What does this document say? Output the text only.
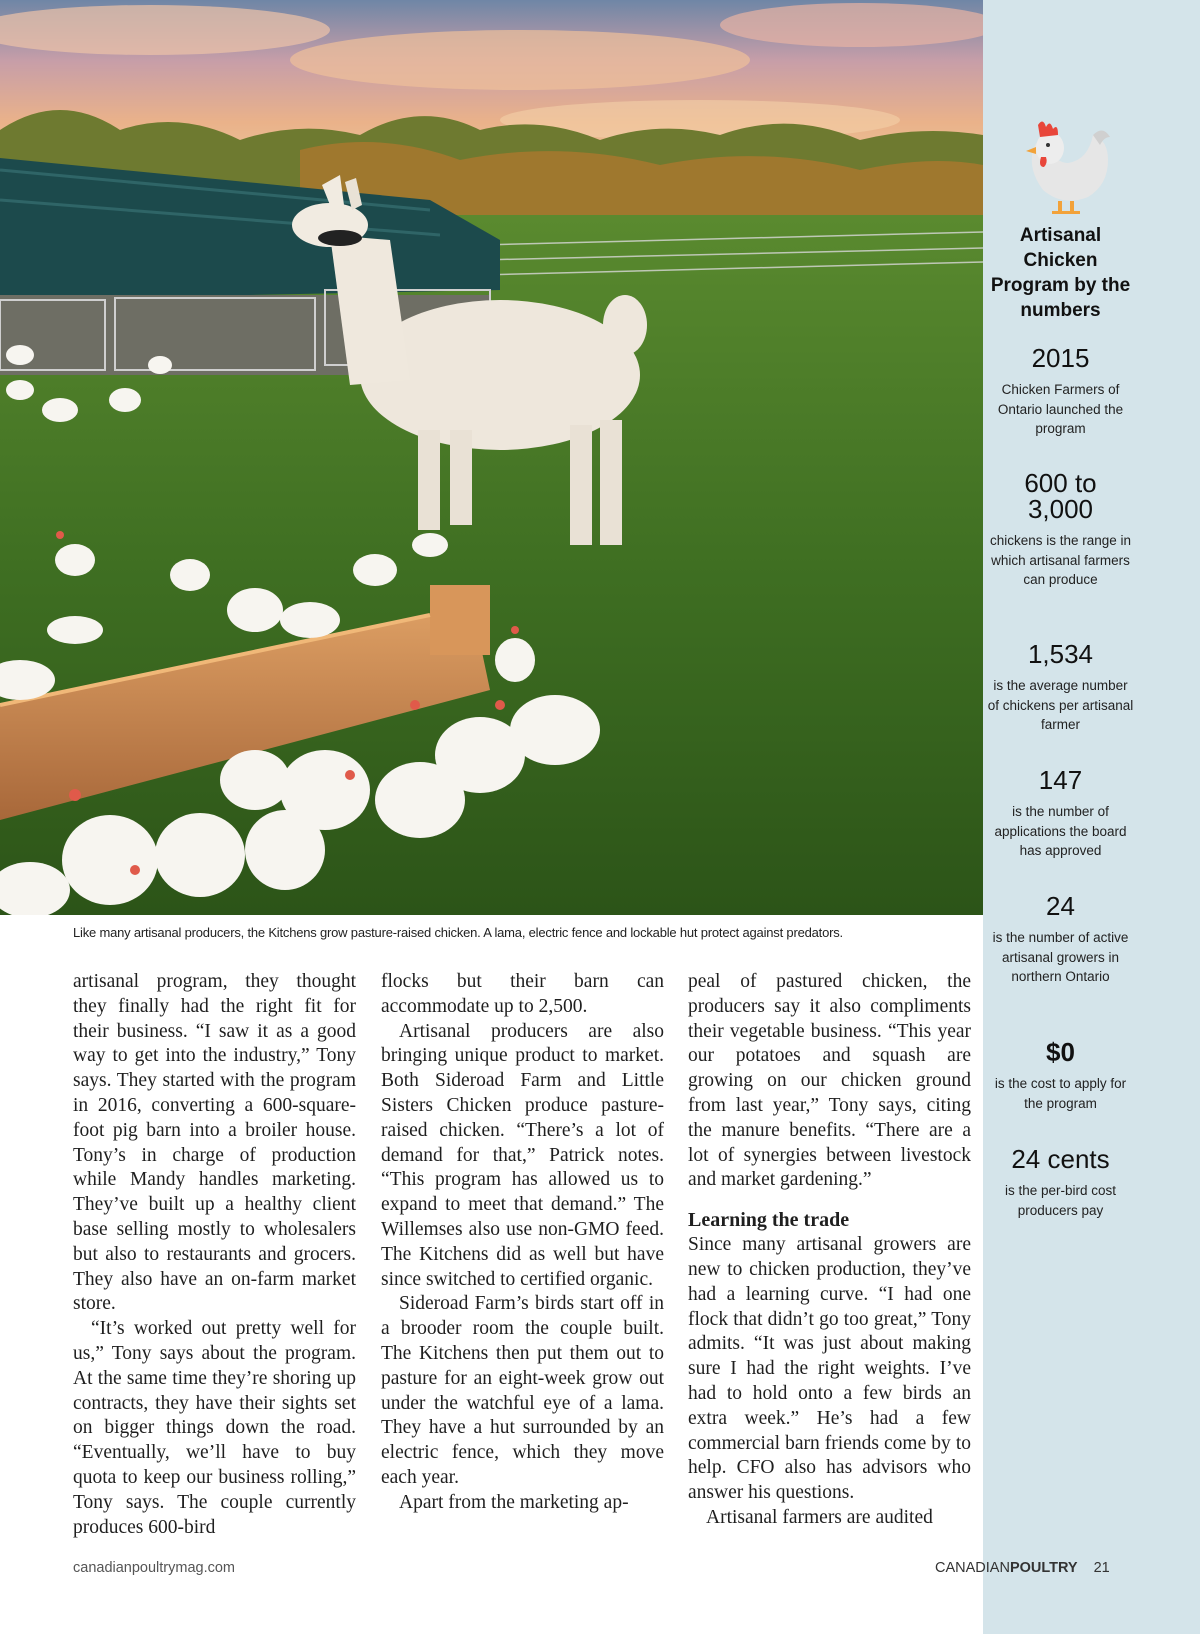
Like many artisanal producers, the Kitchens grow pasture-raised chicken. A lama, electric fence and lockable hut protect against predators.

artisanal program, they thought they finally had the right fit for their business. “I saw it as a good way to get into the industry,” Tony says. They started with the program in 2016, converting a 600-square-foot pig barn into a broiler house. Tony’s in charge of production while Mandy handles marketing. They’ve built up a healthy client base selling mostly to wholesalers but also to restaurants and grocers. They also have an on-farm market store.

“It’s worked out pretty well for us,” Tony says about the program. At the same time they’re shoring up contracts, they have their sights set on bigger things down the road. “Eventually, we’ll have to buy quota to keep our business rolling,” Tony says. The couple currently produces 600-bird

flocks but their barn can accommodate up to 2,500.

Artisanal producers are also bringing unique product to market. Both Sideroad Farm and Little Sisters Chicken produce pasture-raised chicken. “There’s a lot of demand for that,” Patrick notes. “This program has allowed us to expand to meet that demand.” The Willemses also use non-GMO feed. The Kitchens did as well but have since switched to certified organic.

Sideroad Farm’s birds start off in a brooder room the couple built. The Kitchens then put them out to pasture for an eight-week grow out under the watchful eye of a lama. They have a hut surrounded by an electric fence, which they move each year.

Apart from the marketing ap-

peal of pastured chicken, the producers say it also compliments their vegetable business. “This year our potatoes and squash are growing on our chicken ground from last year,” Tony says, citing the manure benefits. “There are a lot of synergies between livestock and market gardening.”

Learning the trade

Since many artisanal growers are new to chicken production, they’ve had a learning curve. “I had one flock that didn’t go too great,” Tony admits. “It was just about making sure I had the right weights. I’ve had to hold onto a few birds an extra week.” He’s had a few commercial barn friends come by to help. CFO also has advisors who answer his questions.

Artisanal farmers are audited

Artisanal Chicken Program by the numbers
2015
Chicken Farmers of Ontario launched the program
600 to 3,000
chickens is the range in which artisanal farmers can produce
1,534
is the average number of chickens per artisanal farmer
147
is the number of applications the board has approved
24
is the number of active artisanal growers in northern Ontario
$0
is the cost to apply for the program
24 cents
is the per-bird cost producers pay
canadianpoultrymag.com	CANADIANPOULTRY 21
